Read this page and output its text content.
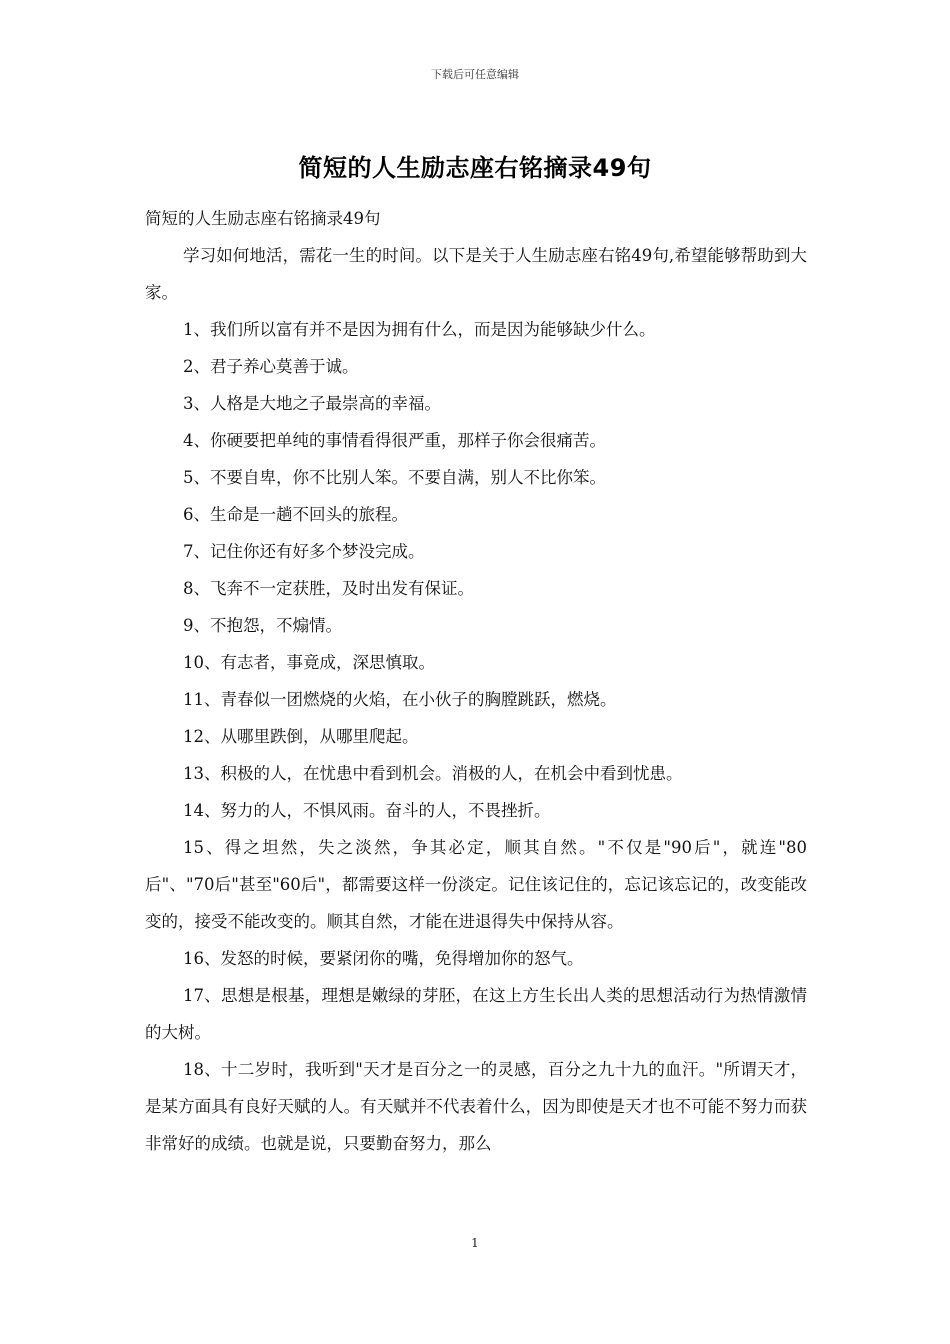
下载后可任意编辑
简短的人生励志座右铭摘录49句

简短的人生励志座右铭摘录49句

学习如何地活，需花一生的时间。以下是关于人生励志座右铭49句,希望能够帮助到大家。

1、我们所以富有并不是因为拥有什么，而是因为能够缺少什么。

2、君子养心莫善于诚。

3、人格是大地之子最崇高的幸福。

4、你硬要把单纯的事情看得很严重，那样子你会很痛苦。

5、不要自卑，你不比别人笨。不要自满，别人不比你笨。

6、生命是一趟不回头的旅程。

7、记住你还有好多个梦没完成。

8、飞奔不一定获胜，及时出发有保证。

9、不抱怨，不煽情。

10、有志者，事竟成，深思慎取。

11、青春似一团燃烧的火焰，在小伙子的胸膛跳跃，燃烧。

12、从哪里跌倒，从哪里爬起。

13、积极的人，在忧患中看到机会。消极的人，在机会中看到忧患。

14、努力的人，不惧风雨。奋斗的人，不畏挫折。

15、得之坦然，失之淡然，争其必定，顺其自然。"不仅是"90后"，就连"80后"、"70后"甚至"60后"，都需要这样一份淡定。记住该记住的，忘记该忘记的，改变能改变的，接受不能改变的。顺其自然，才能在进退得失中保持从容。

16、发怒的时候，要紧闭你的嘴，免得增加你的怒气。

17、思想是根基，理想是嫩绿的芽胚，在这上方生长出人类的思想活动行为热情激情的大树。

18、十二岁时，我听到"天才是百分之一的灵感，百分之九十九的血汗。"所谓天才，是某方面具有良好天赋的人。有天赋并不代表着什么，因为即使是天才也不可能不努力而获非常好的成绩。也就是说，只要勤奋努力，那么

1
